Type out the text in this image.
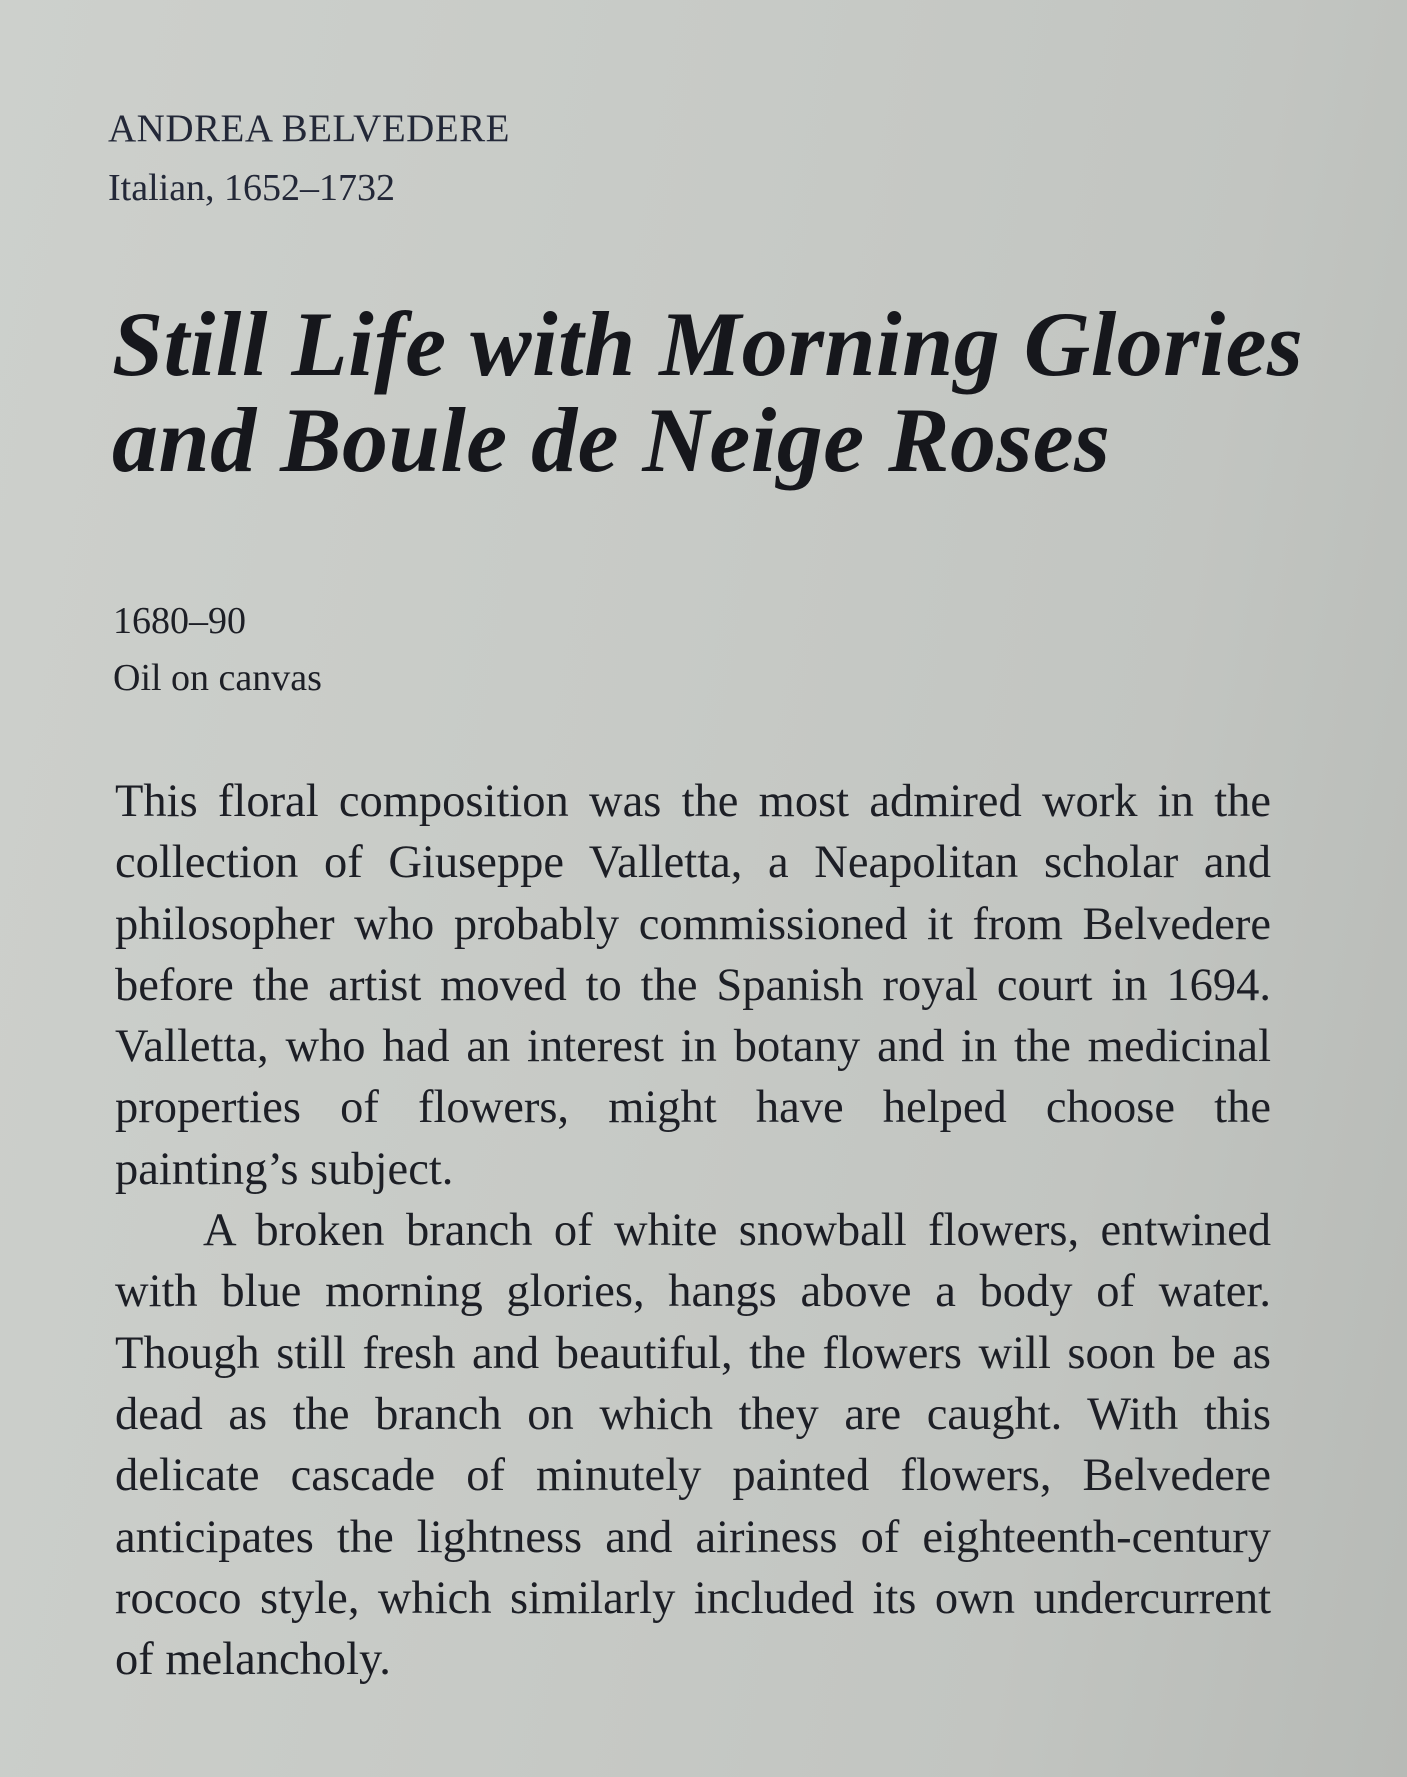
ANDREA BELVEDERE
Italian, 1652–1732
Still Life with Morning Glories and Boule de Neige Roses
1680–90
Oil on canvas

This floral composition was the most admired work in the collection of Giuseppe Valletta, a Neapolitan scholar and philosopher who probably commissioned it from Belvedere before the artist moved to the Spanish royal court in 1694. Valletta, who had an interest in botany and in the medicinal properties of flowers, might have helped choose the painting’s subject.

A broken branch of white snowball flowers, entwined with blue morning glories, hangs above a body of water. Though still fresh and beautiful, the flowers will soon be as dead as the branch on which they are caught. With this delicate cascade of minutely painted flowers, Belvedere anticipates the lightness and airiness of eighteenth-century rococo style, which similarly included its own undercurrent of melancholy.
